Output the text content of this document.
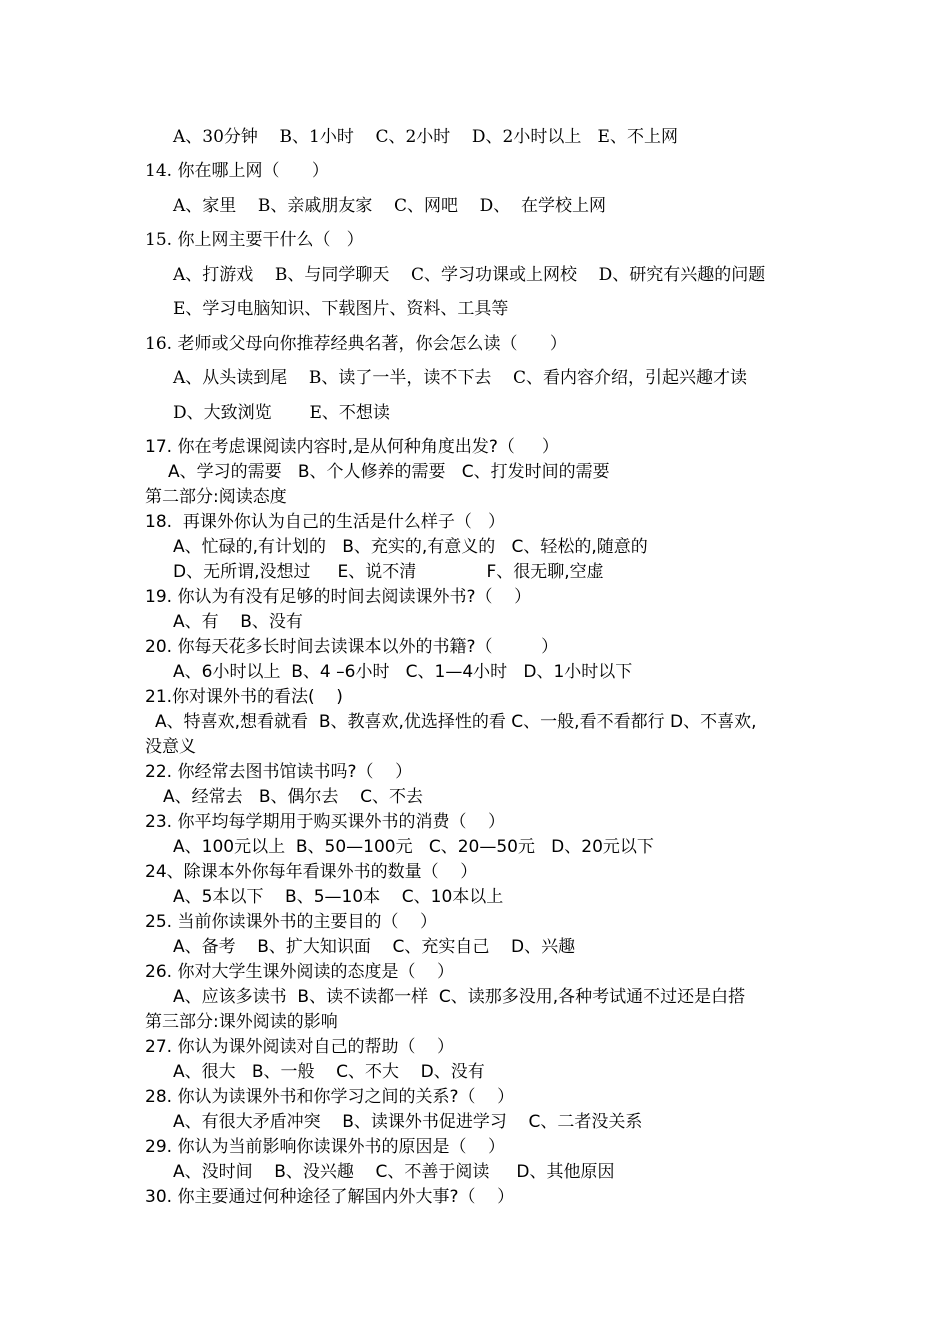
A、30分钟    B、1小时    C、2小时    D、2小时以上   E、不上网
14. 你在哪上网（      ）
A、家里    B、亲戚朋友家    C、网吧    D、  在学校上网
15. 你上网主要干什么（   ）
A、打游戏    B、与同学聊天    C、学习功课或上网校    D、研究有兴趣的问题
E、学习电脑知识、下载图片、资料、工具等
16. 老师或父母向你推荐经典名著，你会怎么读（      ）
A、从头读到尾    B、读了一半，读不下去    C、看内容介绍，引起兴趣才读
D、大致浏览       E、不想读
17. 你在考虑课阅读内容时,是从何种角度出发?（     ）
A、学习的需要   B、个人修养的需要   C、打发时间的需要
第二部分:阅读态度
18.  再课外你认为自己的生活是什么样子（   ）
A、忙碌的,有计划的   B、充实的,有意义的   C、轻松的,随意的
D、无所谓,没想过     E、说不清             F、很无聊,空虚
19. 你认为有没有足够的时间去阅读课外书?（    ）
A、有    B、没有
20. 你每天花多长时间去读课本以外的书籍?（         ）
A、6小时以上  B、4 –6小时   C、1—4小时   D、1小时以下
21.你对课外书的看法(    )
A、特喜欢,想看就看  B、教喜欢,优选择性的看 C、一般,看不看都行 D、不喜欢,
没意义
22. 你经常去图书馆读书吗?（    ）
A、经常去   B、偶尔去    C、不去
23. 你平均每学期用于购买课外书的消费（    ）
A、100元以上  B、50—100元   C、20—50元   D、20元以下
24、除课本外你每年看课外书的数量（    ）
A、5本以下    B、5—10本    C、10本以上
25. 当前你读课外书的主要目的（    ）
A、备考    B、扩大知识面    C、充实自己    D、兴趣
26. 你对大学生课外阅读的态度是（    ）
A、应该多读书  B、读不读都一样  C、读那多没用,各种考试通不过还是白搭
第三部分:课外阅读的影响
27. 你认为课外阅读对自己的帮助（    ）
A、很大   B、一般    C、不大    D、没有
28. 你认为读课外书和你学习之间的关系?（    ）
A、有很大矛盾冲突    B、读课外书促进学习    C、二者没关系
29. 你认为当前影响你读课外书的原因是（    ）
A、没时间    B、没兴趣    C、不善于阅读     D、其他原因
30. 你主要通过何种途径了解国内外大事?（    ）
